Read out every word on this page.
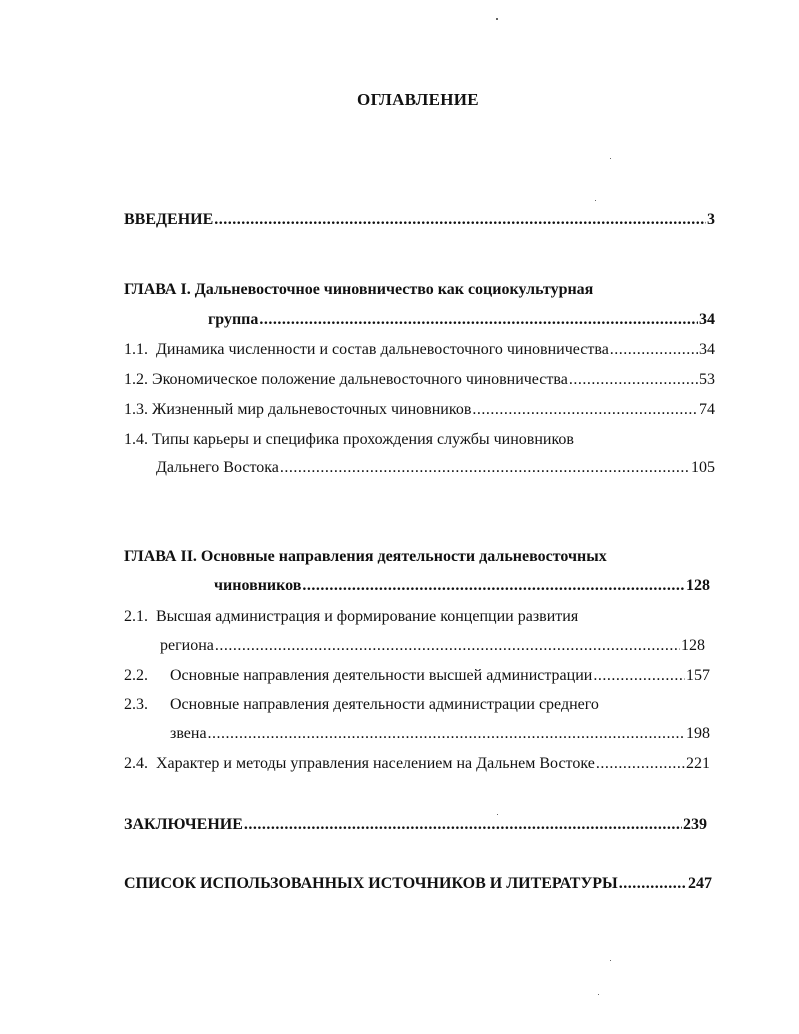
ОГЛАВЛЕНИЕ
ВВЕДЕНИЕ .....	3
ГЛАВА I. Дальневосточное чиновничество как социокультурная
группа .....	34
1.1. Динамика численности и состав дальневосточного чиновничества .....	34
1.2. Экономическое положение дальневосточного чиновничества .....	53
1.3. Жизненный мир дальневосточных чиновников .....	74
1.4. Типы карьеры и специфика прохождения службы чиновников
Дальнего Востока .....	105
ГЛАВА II. Основные направления деятельности дальневосточных
чиновников .....	128
2.1. Высшая администрация и формирование концепции развития
региона .....	128
2.2. Основные направления деятельности высшей администрации .....	157
2.3. Основные направления деятельности администрации среднего
звена .....	198
2.4. Характер и методы управления населением на Дальнем Востоке .....	221
ЗАКЛЮЧЕНИЕ .....	239
СПИСОК ИСПОЛЬЗОВАННЫХ ИСТОЧНИКОВ И ЛИТЕРАТУРЫ .....	247
